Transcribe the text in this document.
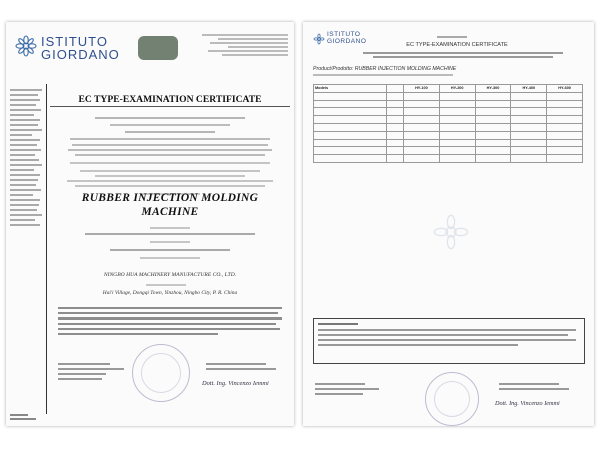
ISTITUTO
GIORDANO
EC TYPE-EXAMINATION CERTIFICATE
RUBBER INJECTION MOLDING
MACHINE
NINGBO HUA MACHINERY MANUFACTURE CO., LTD.
Hai'i Village, Dongqi Town, Yinzhou, Ningbo City, P. R. China
Dott. Ing. Vincenzo Iemmi
ISTITUTO
GIORDANO	EC TYPE-EXAMINATION CERTIFICATE
Product/Prodotto: RUBBER INJECTION MOLDING MACHINE
Models		HY-100	HY-200	HY-300	HY-400	HY-600

Dott. Ing. Vincenzo Iemmi
